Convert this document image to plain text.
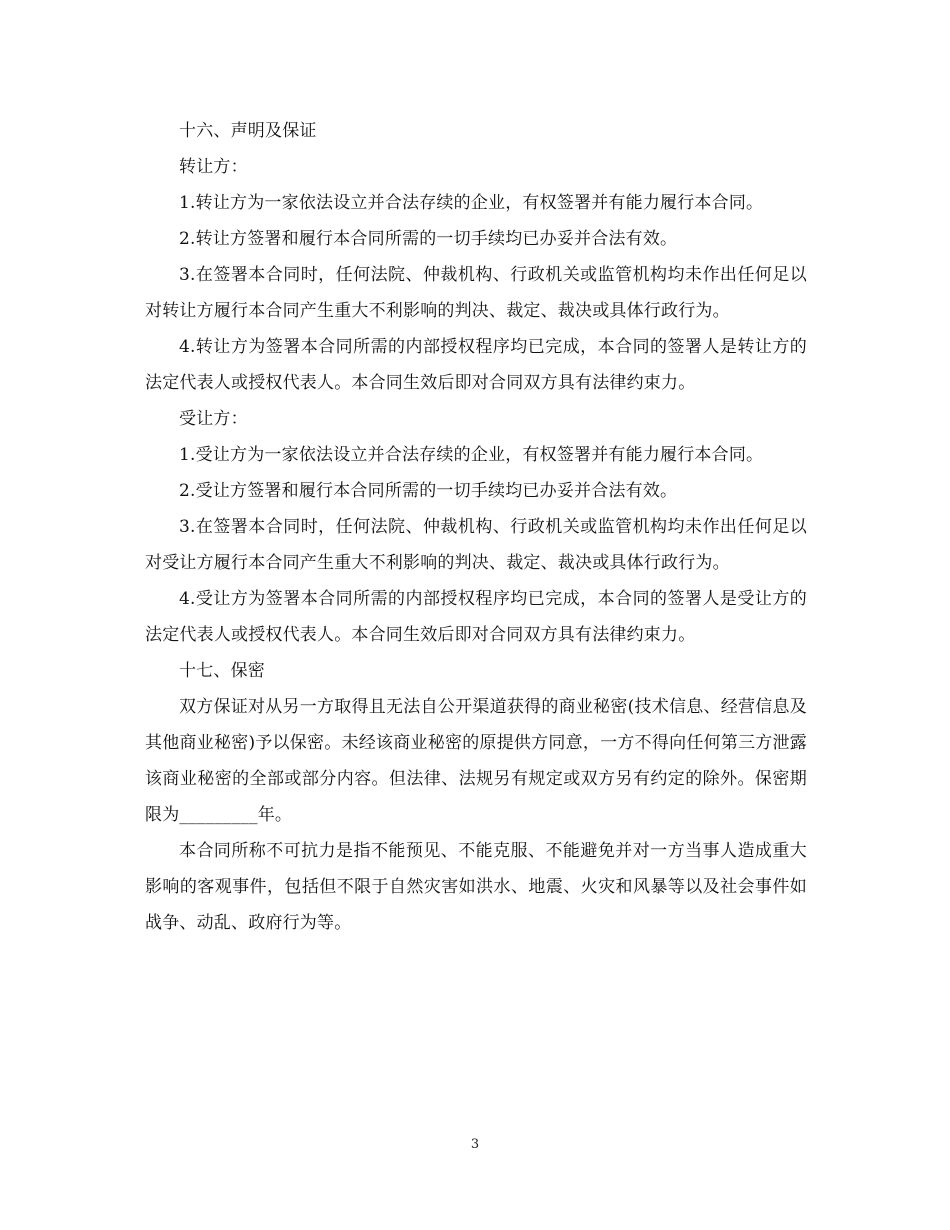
十六、声明及保证

转让方：

1.转让方为一家依法设立并合法存续的企业，有权签署并有能力履行本合同。

2.转让方签署和履行本合同所需的一切手续均已办妥并合法有效。

3.在签署本合同时，任何法院、仲裁机构、行政机关或监管机构均未作出任何足以对转让方履行本合同产生重大不利影响的判决、裁定、裁决或具体行政行为。

4.转让方为签署本合同所需的内部授权程序均已完成，本合同的签署人是转让方的法定代表人或授权代表人。本合同生效后即对合同双方具有法律约束力。

受让方：

1.受让方为一家依法设立并合法存续的企业，有权签署并有能力履行本合同。

2.受让方签署和履行本合同所需的一切手续均已办妥并合法有效。

3.在签署本合同时，任何法院、仲裁机构、行政机关或监管机构均未作出任何足以对受让方履行本合同产生重大不利影响的判决、裁定、裁决或具体行政行为。

4.受让方为签署本合同所需的内部授权程序均已完成，本合同的签署人是受让方的法定代表人或授权代表人。本合同生效后即对合同双方具有法律约束力。

十七、保密

双方保证对从另一方取得且无法自公开渠道获得的商业秘密(技术信息、经营信息及其他商业秘密)予以保密。未经该商业秘密的原提供方同意，一方不得向任何第三方泄露该商业秘密的全部或部分内容。但法律、法规另有规定或双方另有约定的除外。保密期限为_________年。

本合同所称不可抗力是指不能预见、不能克服、不能避免并对一方当事人造成重大影响的客观事件，包括但不限于自然灾害如洪水、地震、火灾和风暴等以及社会事件如战争、动乱、政府行为等。

3
